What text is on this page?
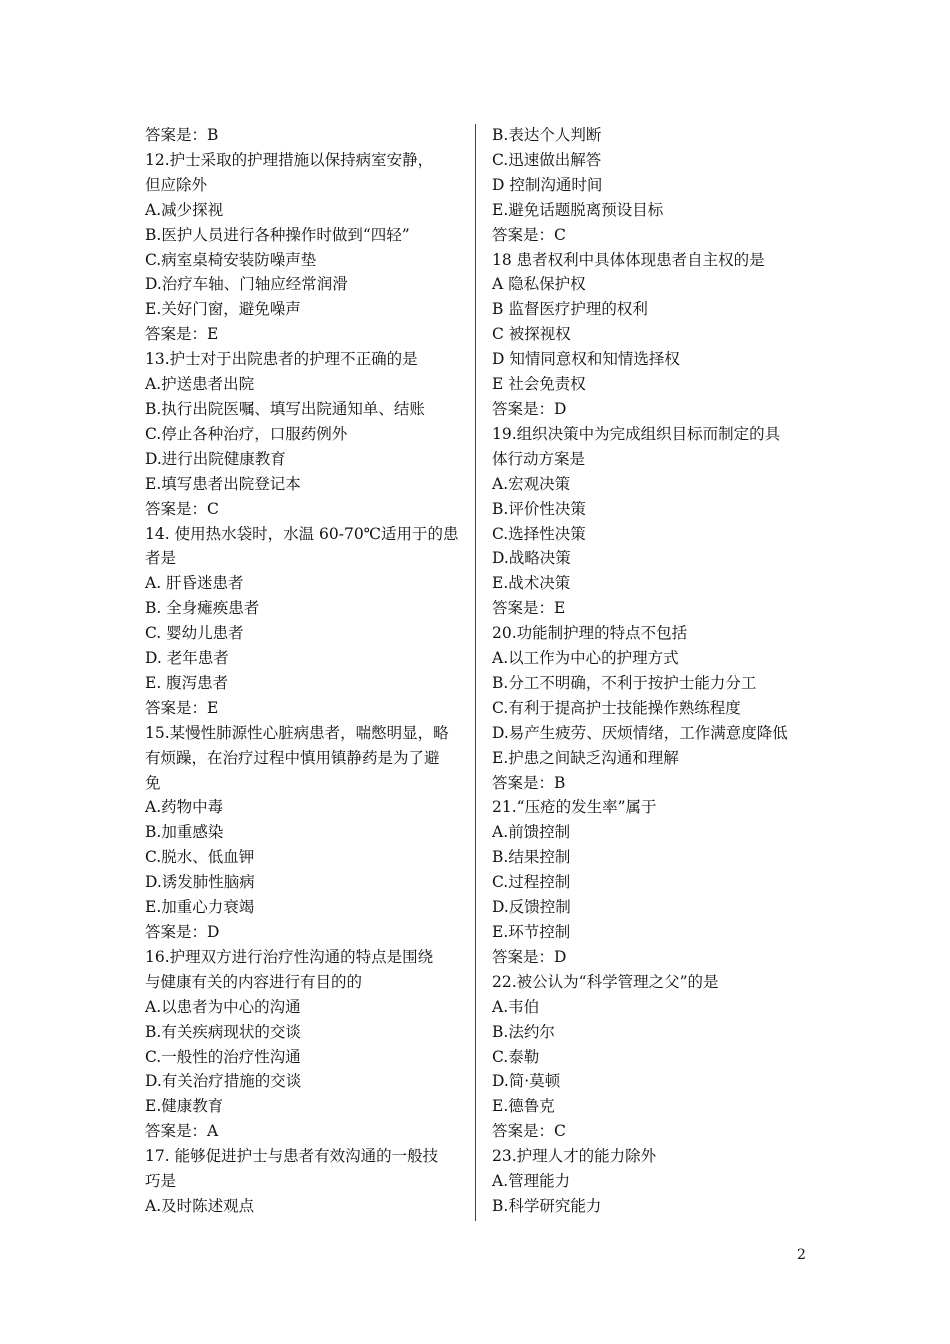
答案是：B
12.护士采取的护理措施以保持病室安静，
但应除外
A.减少探视
B.医护人员进行各种操作时做到“四轻”
C.病室桌椅安装防噪声垫
D.治疗车轴、门轴应经常润滑
E.关好门窗，避免噪声
答案是：E
13.护士对于出院患者的护理不正确的是
A.护送患者出院
B.执行出院医嘱、填写出院通知单、结账
C.停止各种治疗，口服药例外
D.进行出院健康教育
E.填写患者出院登记本
答案是：C
14. 使用热水袋时，水温 60-70℃适用于的患
者是
A. 肝昏迷患者
B. 全身瘫痪患者
C. 婴幼儿患者
D. 老年患者
E. 腹泻患者
答案是：E
15.某慢性肺源性心脏病患者，喘憋明显，略
有烦躁，在治疗过程中慎用镇静药是为了避
免
A.药物中毒
B.加重感染
C.脱水、低血钾
D.诱发肺性脑病
E.加重心力衰竭
答案是：D
16.护理双方进行治疗性沟通的特点是围绕
与健康有关的内容进行有目的的
A.以患者为中心的沟通
B.有关疾病现状的交谈
C.一般性的治疗性沟通
D.有关治疗措施的交谈
E.健康教育
答案是：A
17. 能够促进护士与患者有效沟通的一般技
巧是
A.及时陈述观点
B.表达个人判断
C.迅速做出解答
D 控制沟通时间
E.避免话题脱离预设目标
答案是：C
18 患者权利中具体体现患者自主权的是
A 隐私保护权
B 监督医疗护理的权利
C 被探视权
D 知情同意权和知情选择权
E 社会免责权
答案是：D
19.组织决策中为完成组织目标而制定的具
体行动方案是
A.宏观决策
B.评价性决策
C.选择性决策
D.战略决策
E.战术决策
答案是：E
20.功能制护理的特点不包括
A.以工作为中心的护理方式
B.分工不明确，不利于按护士能力分工
C.有利于提高护士技能操作熟练程度
D.易产生疲劳、厌烦情绪，工作满意度降低
E.护患之间缺乏沟通和理解
答案是：B
21.“压疮的发生率”属于
A.前馈控制
B.结果控制
C.过程控制
D.反馈控制
E.环节控制
答案是：D
22.被公认为“科学管理之父”的是
A.韦伯
B.法约尔
C.泰勒
D.简·莫顿
E.德鲁克
答案是：C
23.护理人才的能力除外
A.管理能力
B.科学研究能力
2
